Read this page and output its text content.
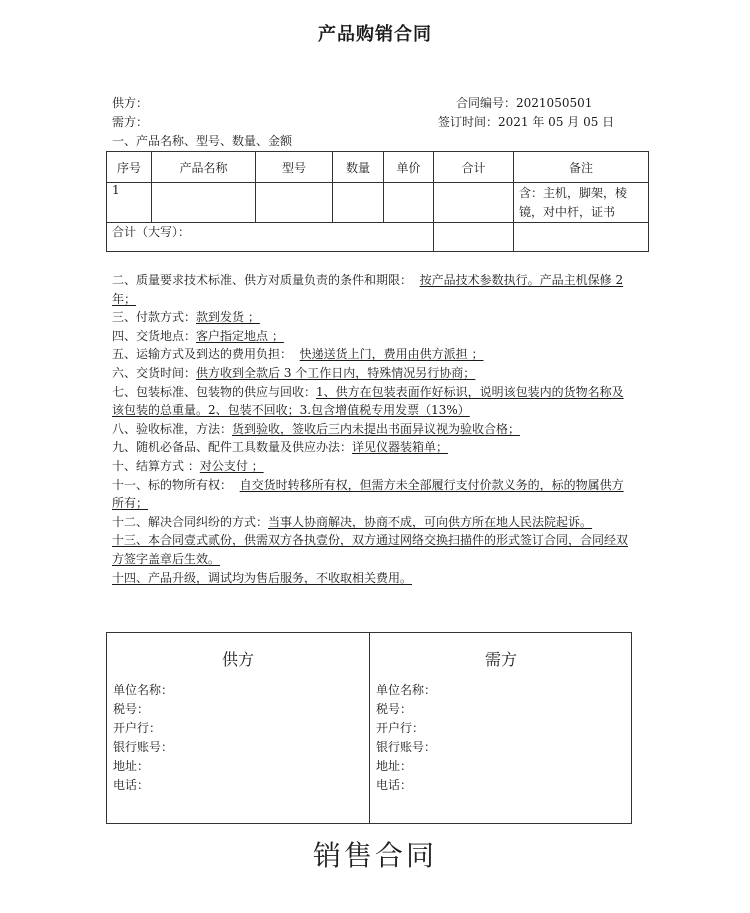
产品购销合同
供方：
需方：
合同编号：2021050501
签订时间：2021 年 05 月 05 日
一、产品名称、型号、数量、金额
序号	产品名称	型号	数量	单价	合计	备注
1						含：主机，脚架，棱镜，对中杆，证书
合计（大写）：						

二、质量要求技术标准、供方对质量负责的条件和期限： 按产品技术参数执行。产品主机保修 2 年；

三、付款方式：款到发货 ；

四、交货地点：客户指定地点 ；

五、运输方式及到达的费用负担： 快递送货上门，费用由供方派担 ；

六、交货时间：供方收到全款后 3 个工作日内，特殊情况另行协商；

七、包装标准、包装物的供应与回收：1、供方在包装表面作好标识，说明该包装内的货物名称及该包装的总重量。2、包装不回收；3.包含增值税专用发票（13%）

八、验收标准，方法：货到验收，签收后三内未提出书面异议视为验收合格；

九、随机必备品、配件工具数量及供应办法：详见仪器装箱单；

十、结算方式 ：对公支付 ；

十一、标的物所有权： 自交货时转移所有权，但需方未全部履行支付价款义务的，标的物属供方所有；

十二、解决合同纠纷的方式：当事人协商解决，协商不成，可向供方所在地人民法院起诉。

十三、本合同壹式贰份，供需双方各执壹份，双方通过网络交换扫描件的形式签订合同，合同经双方签字盖章后生效。

十四、产品升级，调试均为售后服务，不收取相关费用。

供方
单位名称：
税号：
开户行：
银行账号：
地址：
电话：
需方
单位名称：
税号：
开户行：
银行账号：
地址：
电话：
销售合同
